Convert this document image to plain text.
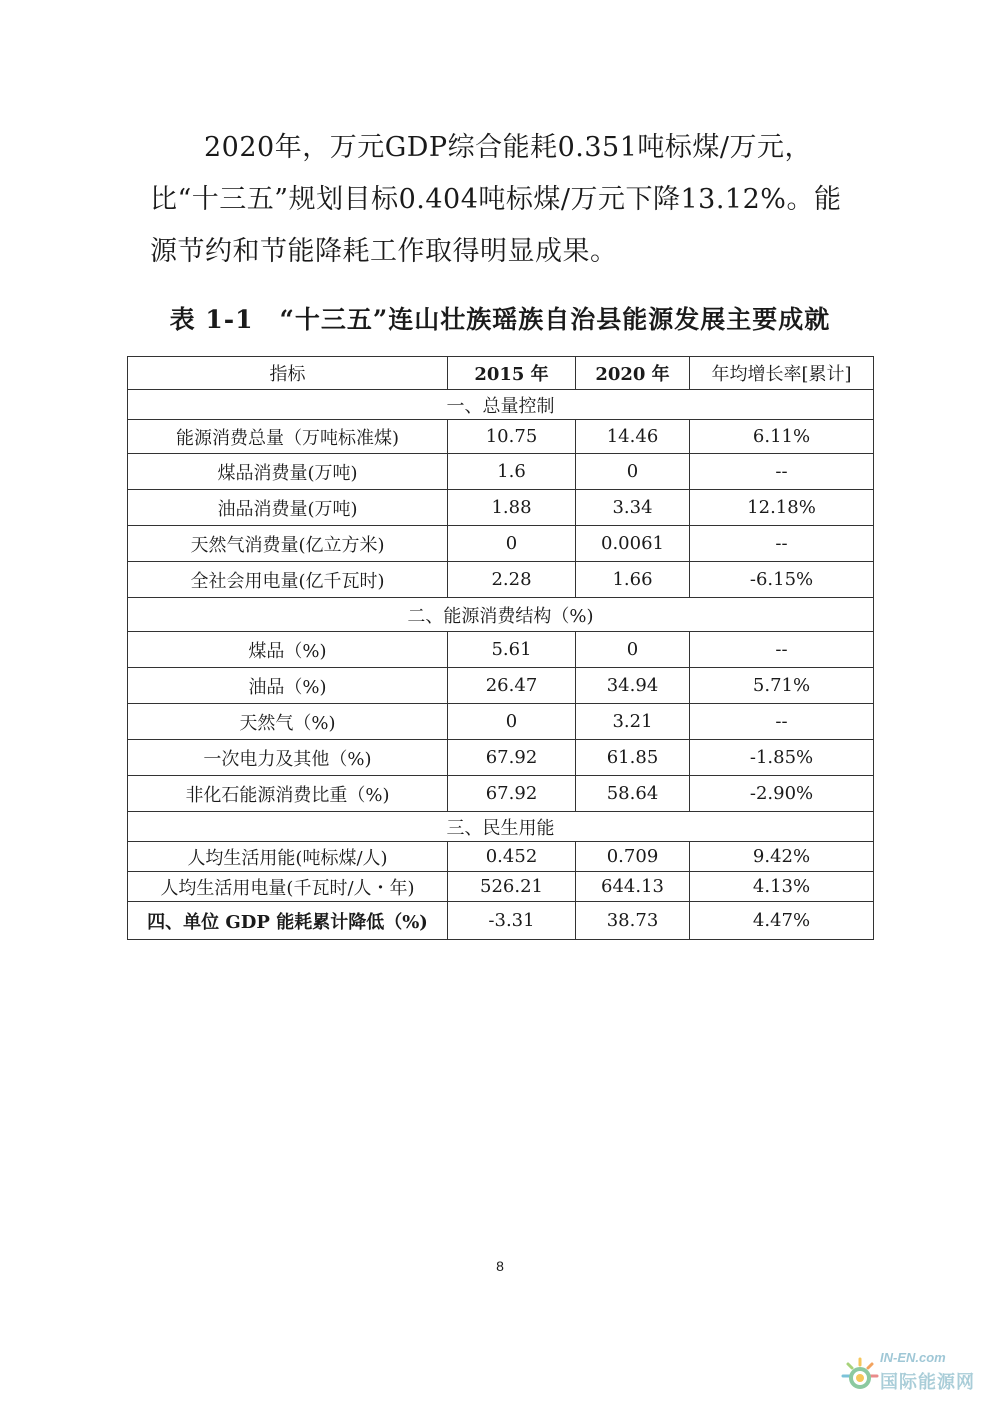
2020年，万元GDP综合能耗0.351吨标煤/万元，比“十三五”规划目标0.404吨标煤/万元下降13.12%。能源节约和节能降耗工作取得明显成果。

表 1-1　“十三五”连山壮族瑶族自治县能源发展主要成就

指标	2015 年	2020 年	年均增长率[累计]
一、总量控制			
能源消费总量（万吨标准煤)	10.75	14.46	6.11%
煤品消费量(万吨)	1.6	0	--
油品消费量(万吨)	1.88	3.34	12.18%
天然气消费量(亿立方米)	0	0.0061	--
全社会用电量(亿千瓦时)	2.28	1.66	-6.15%
二、能源消费结构（%)			
煤品（%)	5.61	0	--
油品（%)	26.47	34.94	5.71%
天然气（%)	0	3.21	--
一次电力及其他（%)	67.92	61.85	-1.85%
非化石能源消费比重（%)	67.92	58.64	-2.90%
三、民生用能			
人均生活用能(吨标煤/人)	0.452	0.709	9.42%
人均生活用电量(千瓦时/人・年)	526.21	644.13	4.13%
四、单位 GDP 能耗累计降低（%)	-3.31	38.73	4.47%
8
IN-EN.com
国际能源网
